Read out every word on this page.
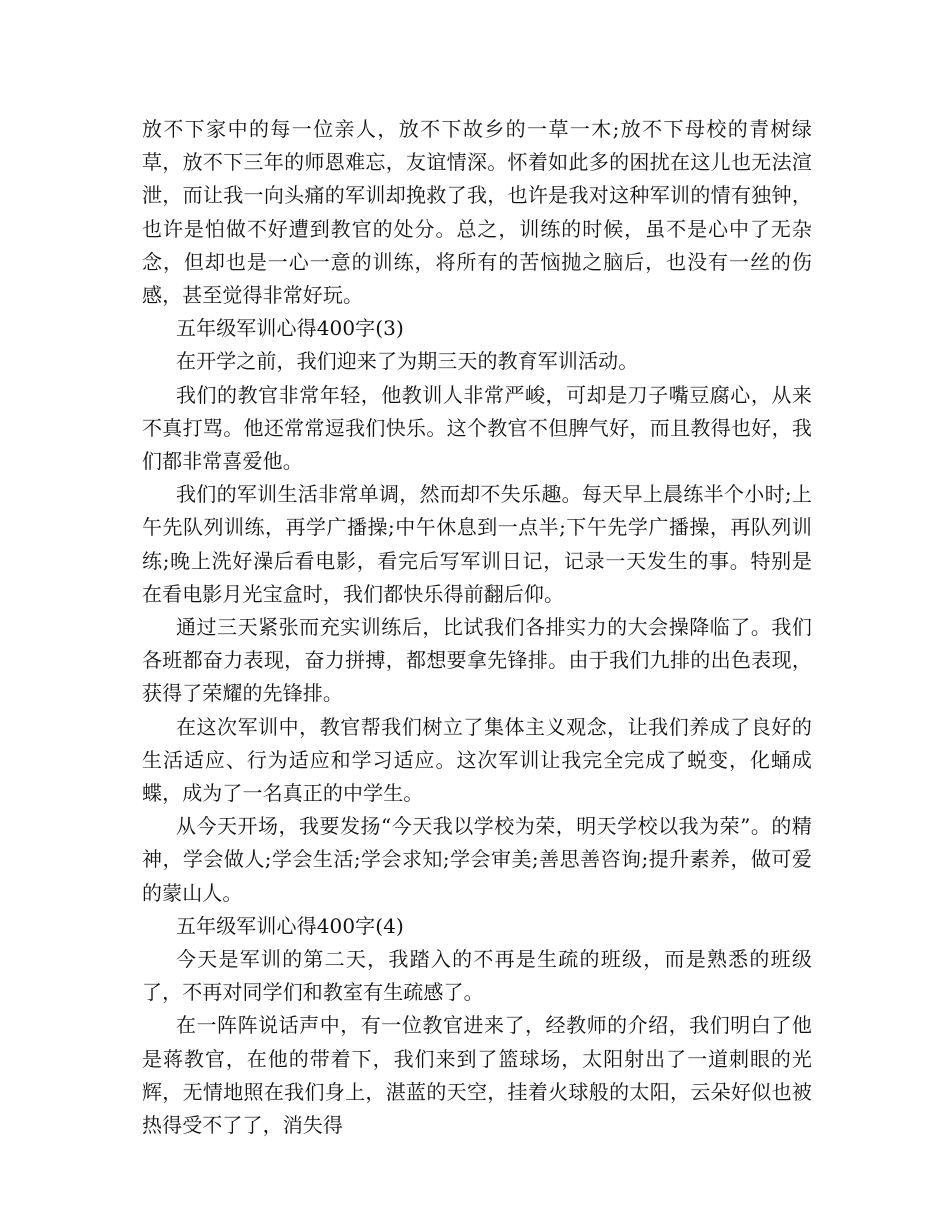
放不下家中的每一位亲人，放不下故乡的一草一木;放不下母校的青树绿草，放不下三年的师恩难忘，友谊情深。怀着如此多的困扰在这儿也无法渲泄，而让我一向头痛的军训却挽救了我，也许是我对这种军训的情有独钟，也许是怕做不好遭到教官的处分。总之，训练的时候，虽不是心中了无杂念，但却也是一心一意的训练，将所有的苦恼抛之脑后，也没有一丝的伤感，甚至觉得非常好玩。

五年级军训心得400字(3)

在开学之前，我们迎来了为期三天的教育军训活动。

我们的教官非常年轻，他教训人非常严峻，可却是刀子嘴豆腐心，从来不真打骂。他还常常逗我们快乐。这个教官不但脾气好，而且教得也好，我们都非常喜爱他。

我们的军训生活非常单调，然而却不失乐趣。每天早上晨练半个小时;上午先队列训练，再学广播操;中午休息到一点半;下午先学广播操，再队列训练;晚上洗好澡后看电影，看完后写军训日记，记录一天发生的事。特别是在看电影月光宝盒时，我们都快乐得前翻后仰。

通过三天紧张而充实训练后，比试我们各排实力的大会操降临了。我们各班都奋力表现，奋力拼搏，都想要拿先锋排。由于我们九排的出色表现，获得了荣耀的先锋排。

在这次军训中，教官帮我们树立了集体主义观念，让我们养成了良好的生活适应、行为适应和学习适应。这次军训让我完全完成了蜕变，化蛹成蝶，成为了一名真正的中学生。

从今天开场，我要发扬“今天我以学校为荣，明天学校以我为荣”。的精神，学会做人;学会生活;学会求知;学会审美;善思善咨询;提升素养，做可爱的蒙山人。

五年级军训心得400字(4)

今天是军训的第二天，我踏入的不再是生疏的班级，而是熟悉的班级了，不再对同学们和教室有生疏感了。

在一阵阵说话声中，有一位教官进来了，经教师的介绍，我们明白了他是蒋教官，在他的带着下，我们来到了篮球场，太阳射出了一道刺眼的光辉，无情地照在我们身上，湛蓝的天空，挂着火球般的太阳，云朵好似也被热得受不了了，消失得
